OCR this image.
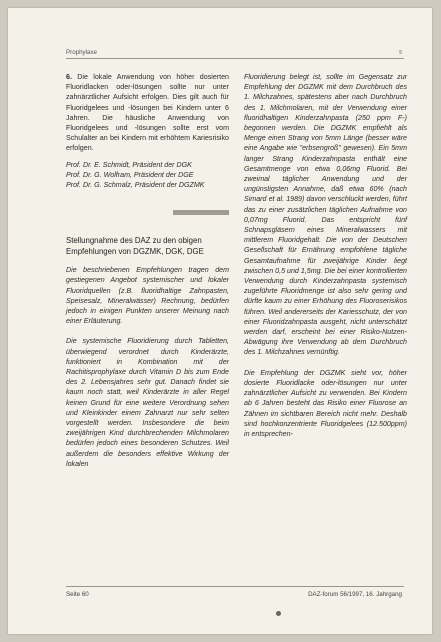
Prophylaxe	5

6. Die lokale Anwendung von höher dosierten Fluoridlacken oder-lösungen sollte nur unter zahnärztlicher Aufsicht erfolgen. Dies gilt auch für Fluoridgelees und -lösungen bei Kindern unter 6 Jahren. Die häusliche Anwendung von Fluoridgelees und -lösungen sollte erst vom Schulalter an bei Kindern mit erhöhtem Kariesrisiko erfolgen.

Prof. Dr. E. Schmidt, Präsident der DGK
Prof. Dr. G. Wolfram, Präsident der DGE
Prof. Dr. G. Schmalz, Präsident der DGZMK
Stellungnahme des DAZ zu den obigen Empfehlungen von DGZMK, DGK, DGE

Die beschriebenen Empfehlungen tragen dem gestiegenen Angebot systemischer und lokaler Fluoridquellen (z.B. fluoridhaltige Zahnpasten, Speisesalz, Mineralwässer) Rechnung, bedürfen jedoch in einigen Punkten unserer Meinung nach einer Erläuterung.

Die systemische Fluoridierung durch Tabletten, überwiegend verordnet durch Kinderärzte, funktioniert in Kombination mit der Rachitisprophylaxe durch Vitamin D bis zum Ende des 2. Lebensjahres sehr gut. Danach findet sie kaum noch statt, weil Kinderärzte in aller Regel keinen Grund für eine weitere Verordnung sehen und Kleinkinder einem Zahnarzt nur sehr selten vorgestellt werden. Insbesondere die beim zweijährigen Kind durchbrechenden Milchmolaren bedürfen jedoch eines besonderen Schutzes. Weil außerdem die besonders effektive Wirkung der lokalen

Fluoridierung belegt ist, sollte im Gegensatz zur Empfehlung der DGZMK mit dem Durchbruch des 1. Milchzahnes, spätestens aber nach Durchbruch des 1. Milchmolaren, mit der Verwendung einer fluoridhaltigen Kinderzahnpasta (250 ppm F-) begonnen werden. Die DGZMK empfiehlt als Menge einen Strang von 5mm Länge (besser wäre eine Angabe wie "erbsengroß" gewesen). Ein 5mm langer Strang Kinderzahnpasta enthält eine Gesamtmenge von etwa 0,06mg Fluorid. Bei zweimal täglicher Anwendung und der ungünstigsten Annahme, daß etwa 60% (nach Simard et al. 1989) davon verschluckt werden, führt das zu einer zusätzlichen täglichen Aufnahme von 0,07mg Fluorid. Das entspricht fünf Schnapsgläsern eines Mineralwassers mit mittlerem Fluoridgehalt. Die von der Deutschen Gesellschaft für Ernährung empfohlene tägliche Gesamtaufnahme für zweijährige Kinder liegt zwischen 0,5 und 1,5mg. Die bei einer kontrollierten Verwendung durch Kinderzahnpasta systemisch zugeführte Fluoridmenge ist also sehr gering und dürfte kaum zu einer Erhöhung des Fluoroserisikos führen. Weil andererseits der Kariesschutz, der von einer Fluoridzahnpasta ausgeht, nicht unterschätzt werden darf, erscheint bei einer Risiko-Nutzen-Abwägung ihre Verwendung ab dem Durchbruch des 1. Milchzahnes vernünftig.

Die Empfehlung der DGZMK sieht vor, höher dosierte Fluoridlacke oder-lösungen nur unter zahnärztlicher Aufsicht zu verwenden. Bei Kindern ab 6 Jahren besteht das Risiko einer Fluorose an Zähnen im sichtbaren Bereich nicht mehr. Deshalb sind hochkonzentrierte Fluoridgelees (12.500ppm) in entsprechen-

Seite 60	DAZ-forum 56/1997, 16. Jahrgang
